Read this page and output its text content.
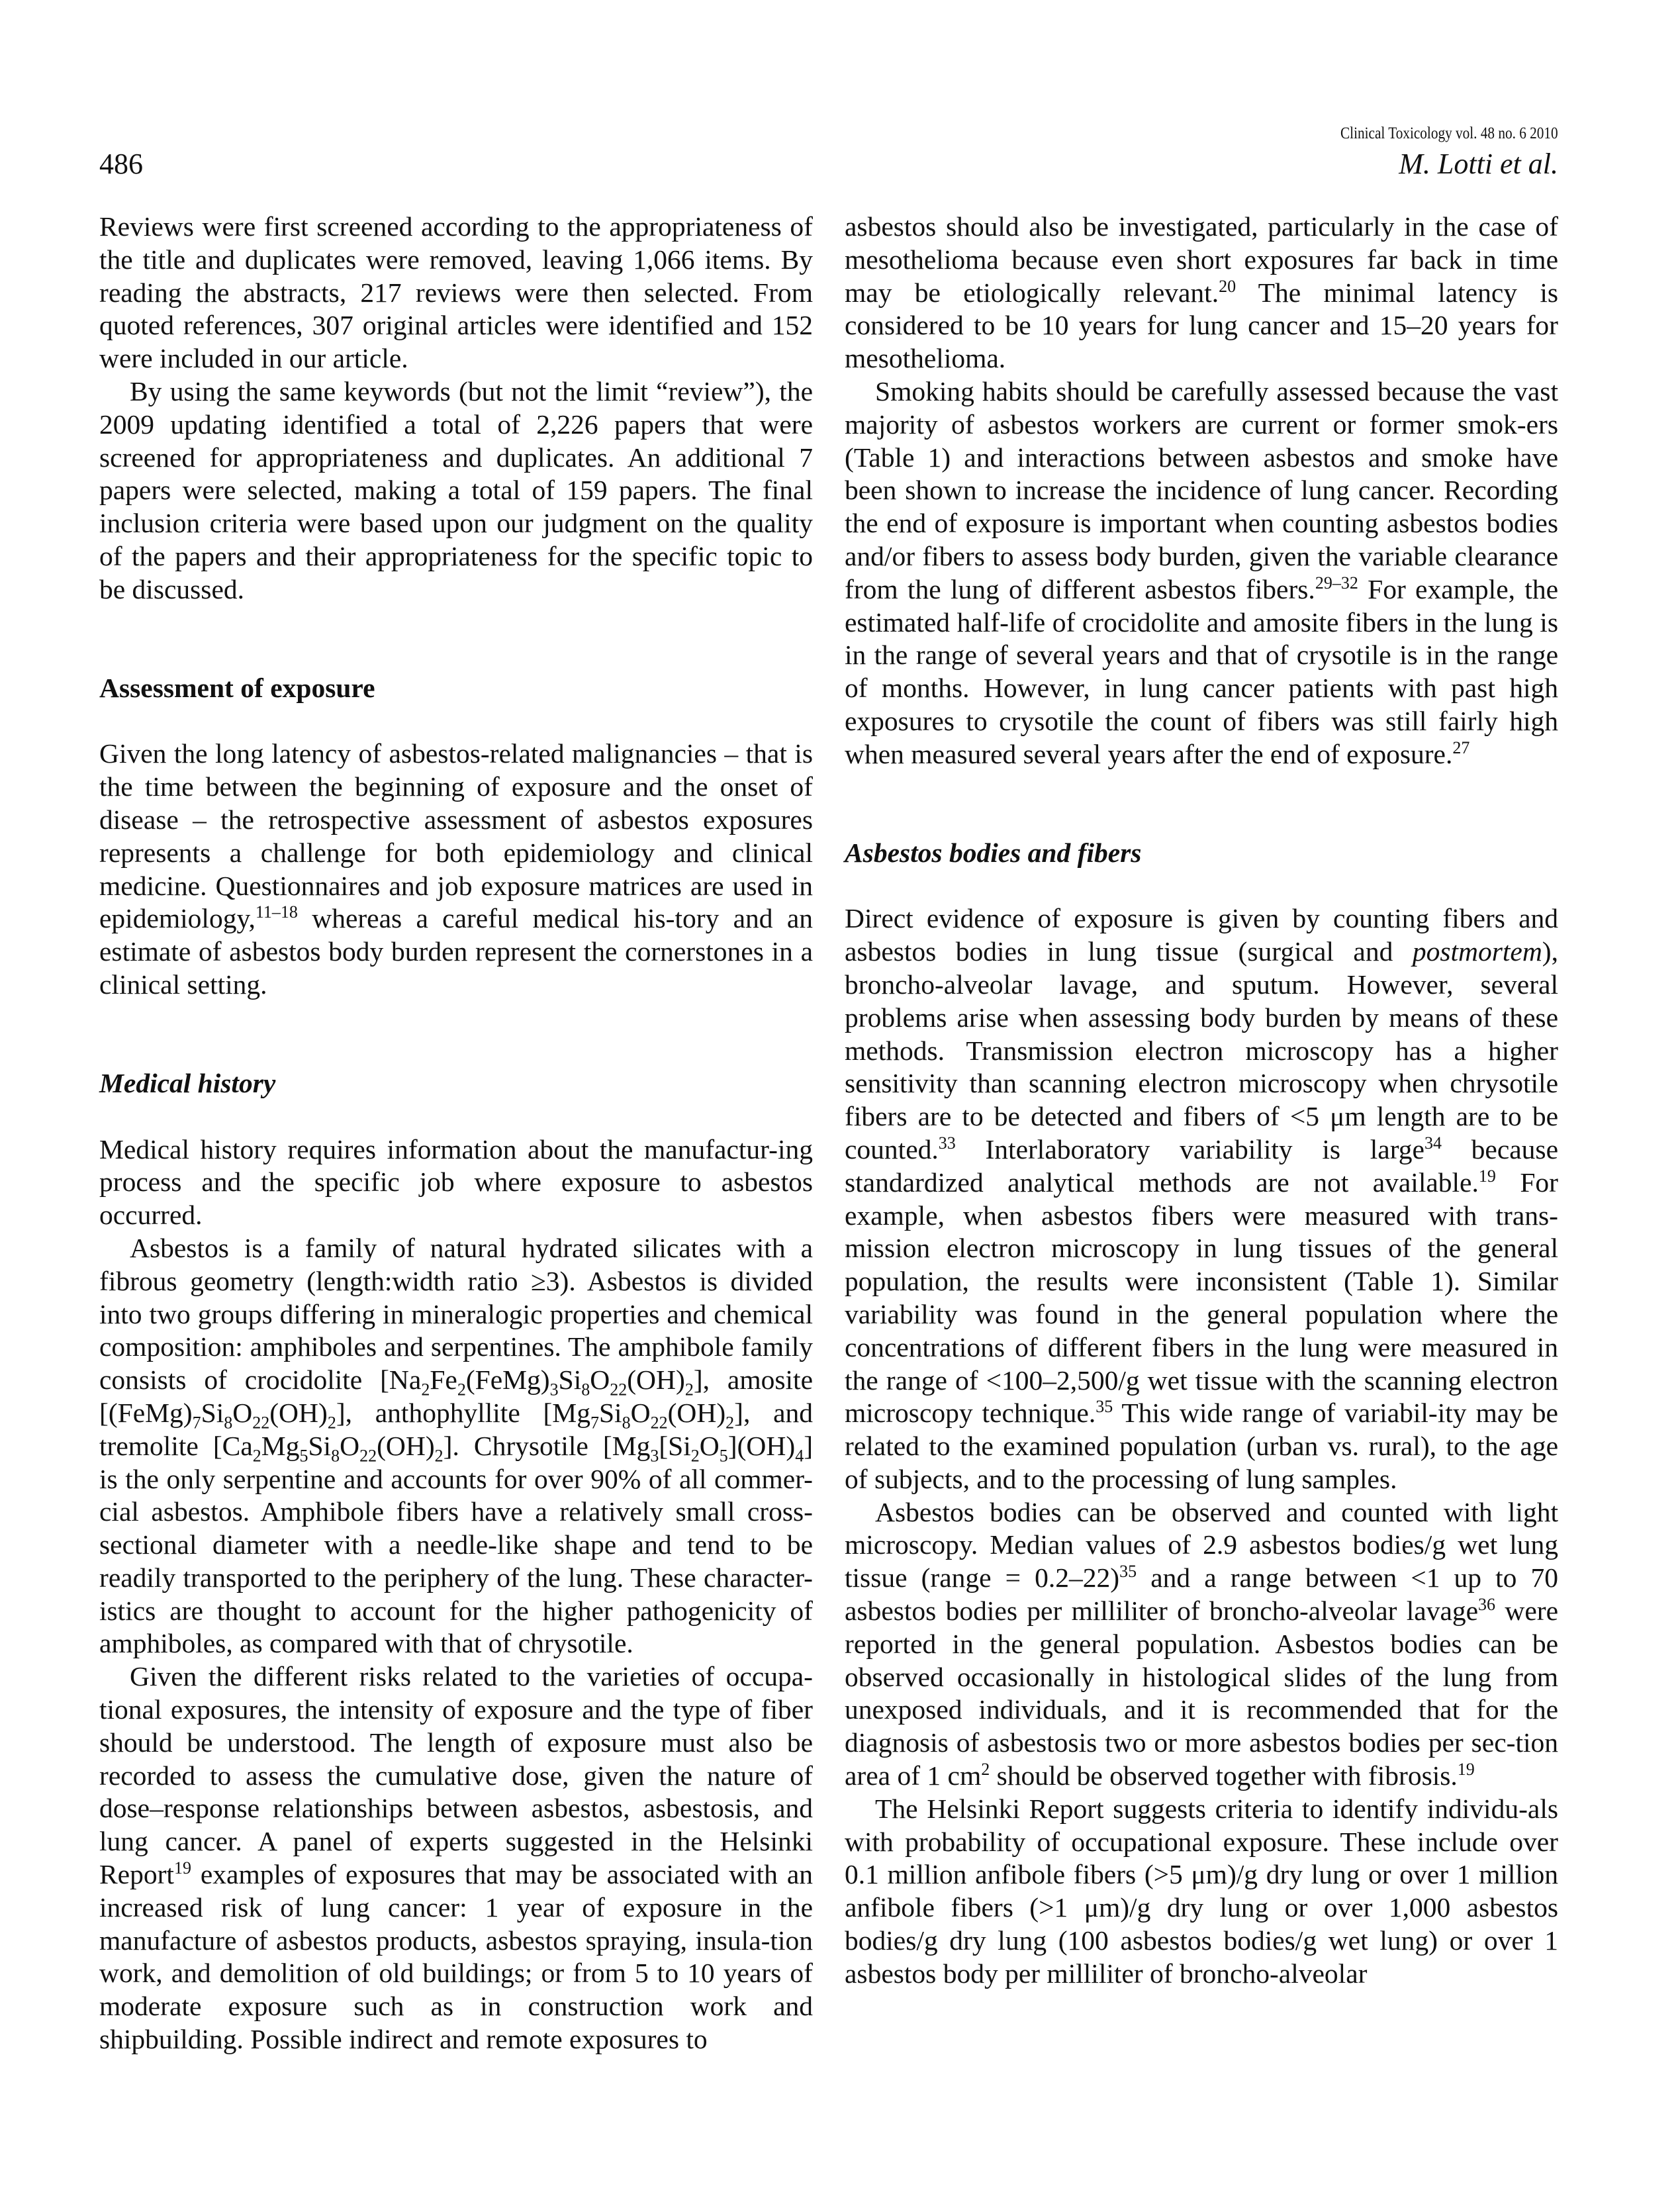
Clinical Toxicology vol. 48 no. 6 2010
486	M. Lotti et al.

Reviews were first screened according to the appropriateness of the title and duplicates were removed, leaving 1,066 items. By reading the abstracts, 217 reviews were then selected. From quoted references, 307 original articles were identified and 152 were included in our article.

By using the same keywords (but not the limit “review”), the 2009 updating identified a total of 2,226 papers that were screened for appropriateness and duplicates. An additional 7 papers were selected, making a total of 159 papers. The final inclusion criteria were based upon our judgment on the quality of the papers and their appropriateness for the specific topic to be discussed.

Assessment of exposure

Given the long latency of asbestos-related malignancies – that is the time between the beginning of exposure and the onset of disease – the retrospective assessment of asbestos exposures represents a challenge for both epidemiology and clinical medicine. Questionnaires and job exposure matrices are used in epidemiology,$^{11-18}$ whereas a careful medical his-tory and an estimate of asbestos body burden represent the cornerstones in a clinical setting.

Medical history

Medical history requires information about the manufactur-ing process and the specific job where exposure to asbestos occurred.

Asbestos is a family of natural hydrated silicates with a fibrous geometry (length:width ratio ≥3). Asbestos is divided into two groups differing in mineralogic properties and chemical composition: amphiboles and serpentines. The amphibole family consists of crocidolite $[Na_2Fe_2(FeMg)_3Si_8O_{22}(OH)_2]$, amosite $[(FeMg)_7Si_8O_{22}(OH)_2]$, anthophyllite $[Mg_7Si_8O_{22}(OH)_2]$, and tremolite $[Ca_2Mg_5Si_8O_{22}(OH)_2]$. Chrysotile $[Mg_3[Si_2O_5](OH)_4]$ is the only serpentine and accounts for over 90% of all commer-cial asbestos. Amphibole fibers have a relatively small cross-sectional diameter with a needle-like shape and tend to be readily transported to the periphery of the lung. These character-istics are thought to account for the higher pathogenicity of amphiboles, as compared with that of chrysotile.

Given the different risks related to the varieties of occupa-tional exposures, the intensity of exposure and the type of fiber should be understood. The length of exposure must also be recorded to assess the cumulative dose, given the nature of dose–response relationships between asbestos, asbestosis, and lung cancer. A panel of experts suggested in the Helsinki Report$^{19}$ examples of exposures that may be associated with an increased risk of lung cancer: 1 year of exposure in the manufacture of asbestos products, asbestos spraying, insula-tion work, and demolition of old buildings; or from 5 to 10 years of moderate exposure such as in construction work and shipbuilding. Possible indirect and remote exposures to

asbestos should also be investigated, particularly in the case of mesothelioma because even short exposures far back in time may be etiologically relevant.$^{20}$ The minimal latency is considered to be 10 years for lung cancer and 15–20 years for mesothelioma.

Smoking habits should be carefully assessed because the vast majority of asbestos workers are current or former smok-ers (Table 1) and interactions between asbestos and smoke have been shown to increase the incidence of lung cancer. Recording the end of exposure is important when counting asbestos bodies and/or fibers to assess body burden, given the variable clearance from the lung of different asbestos fibers.$^{29-32}$ For example, the estimated half-life of crocidolite and amosite fibers in the lung is in the range of several years and that of crysotile is in the range of months. However, in lung cancer patients with past high exposures to crysotile the count of fibers was still fairly high when measured several years after the end of exposure.$^{27}$

Asbestos bodies and fibers

Direct evidence of exposure is given by counting fibers and asbestos bodies in lung tissue (surgical and postmortem), broncho-alveolar lavage, and sputum. However, several problems arise when assessing body burden by means of these methods. Transmission electron microscopy has a higher sensitivity than scanning electron microscopy when chrysotile fibers are to be detected and fibers of <5 μm length are to be counted.$^{33}$ Interlaboratory variability is large$^{34}$ because standardized analytical methods are not available.$^{19}$ For example, when asbestos fibers were measured with trans-mission electron microscopy in lung tissues of the general population, the results were inconsistent (Table 1). Similar variability was found in the general population where the concentrations of different fibers in the lung were measured in the range of <100–2,500/g wet tissue with the scanning electron microscopy technique.$^{35}$ This wide range of variabil-ity may be related to the examined population (urban vs. rural), to the age of subjects, and to the processing of lung samples.

Asbestos bodies can be observed and counted with light microscopy. Median values of 2.9 asbestos bodies/g wet lung tissue (range = 0.2–22)$^{35}$ and a range between <1 up to 70 asbestos bodies per milliliter of broncho-alveolar lavage$^{36}$ were reported in the general population. Asbestos bodies can be observed occasionally in histological slides of the lung from unexposed individuals, and it is recommended that for the diagnosis of asbestosis two or more asbestos bodies per sec-tion area of 1 $cm^2$ should be observed together with fibrosis.$^{19}$

The Helsinki Report suggests criteria to identify individu-als with probability of occupational exposure. These include over 0.1 million anfibole fibers (>5 μm)/g dry lung or over 1 million anfibole fibers (>1 μm)/g dry lung or over 1,000 asbestos bodies/g dry lung (100 asbestos bodies/g wet lung) or over 1 asbestos body per milliliter of broncho-alveolar
